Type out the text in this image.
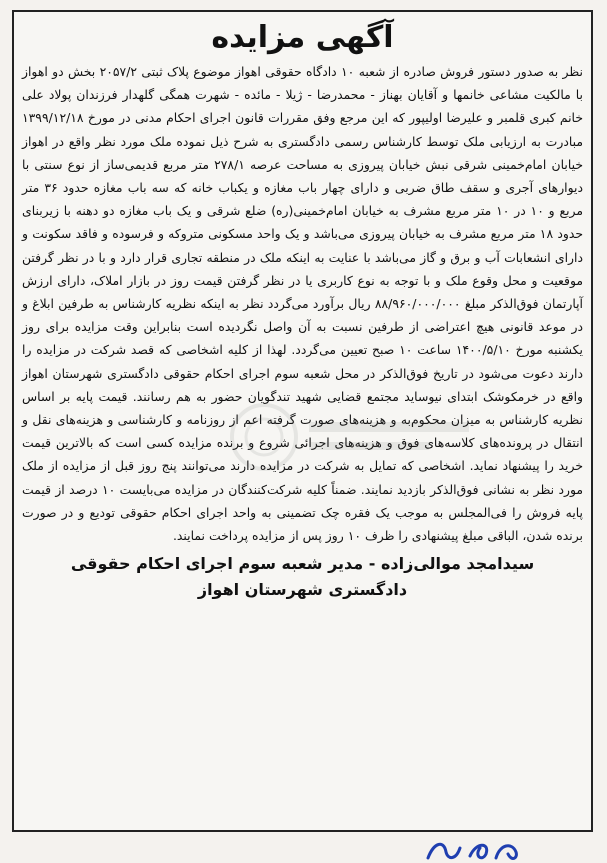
آگهی مزایده

نظر به صدور دستور فروش صادره از شعبه ۱۰ دادگاه حقوقی اهواز موضوع پلاک ثبتی ۲۰۵۷/۲ بخش دو اهواز با مالکیت مشاعی خانمها و آقایان بهناز - محمدرضا - ژیلا - مائده - شهرت همگی گلهدار فرزندان پولاد علی خانم کبری قلمبر و علیرضا اولیپور که این مرجع وفق مقررات قانون اجرای احکام مدنی در مورخ ۱۳۹۹/۱۲/۱۸ مبادرت به ارزیابی ملک توسط کارشناس رسمی دادگستری به شرح ذیل نموده ملک مورد نظر واقع در اهواز خیابان امام‌خمینی شرقی نبش خیابان پیروزی به مساحت عرصه ۲۷۸/۱ متر مربع قدیمی‌ساز از نوع سنتی با دیوارهای آجری و سقف طاق ضربی و دارای چهار باب مغازه و یکباب خانه که سه باب مغازه حدود ۳۶ متر مربع و ۱۰ در ۱۰ متر مربع مشرف به خیابان امام‌خمینی(ره) ضلع شرقی و یک باب مغازه دو دهنه با زیربنای حدود ۱۸ متر مربع مشرف به خیابان پیروزی می‌باشد و یک واحد مسکونی متروکه و فرسوده و فاقد سکونت و دارای انشعابات آب و برق و گاز می‌باشد با عنایت به اینکه ملک در منطقه تجاری قرار دارد و با در نظر گرفتن موقعیت و محل وقوع ملک و با توجه به نوع کاربری یا در نظر گرفتن قیمت روز در بازار املاک، دارای ارزش آپارتمان فوق‌الذکر مبلغ ۸۸/۹۶۰/۰۰۰/۰۰۰ ریال برآورد می‌گردد نظر به اینکه نظریه کارشناس به طرفین ابلاغ و در موعد قانونی هیچ اعتراضی از طرفین نسبت به آن واصل نگردیده است بنابراین وقت مزایده برای روز یکشنبه مورخ ۱۴۰۰/۵/۱۰ ساعت ۱۰ صبح تعیین می‌گردد. لهذا از کلیه اشخاصی که قصد شرکت در مزایده را دارند دعوت می‌شود در تاریخ فوق‌الذکر در محل شعبه سوم اجرای احکام حقوقی دادگستری شهرستان اهواز واقع در خرمکوشک ابتدای نیوساید مجتمع قضایی شهید تندگویان حضور به هم رسانند. قیمت پایه بر اساس نظریه کارشناس به میزان محکوم‌به و هزینه‌های صورت گرفته اعم از روزنامه و کارشناسی و هزینه‌های نقل و انتقال در پرونده‌های کلاسه‌های فوق و هزینه‌های اجرائی شروع و برنده مزایده کسی است که بالاترین قیمت خرید را پیشنهاد نماید. اشخاصی که تمایل به شرکت در مزایده دارند می‌توانند پنج روز قبل از مزایده از ملک مورد نظر به نشانی فوق‌الذکر بازدید نمایند. ضمناً کلیه شرکت‌کنندگان در مزایده می‌بایست ۱۰ درصد از قیمت پایه فروش را فی‌المجلس به موجب یک فقره چک تضمینی به واحد اجرای احکام حقوقی تودیع و در صورت برنده شدن، الباقی مبلغ پیشنهادی را ظرف ۱۰ روز پس از مزایده پرداخت نمایند.

سیدامجد موالی‌زاده - مدیر شعبه سوم اجرای احکام حقوقی
دادگستری شهرستان اهواز
